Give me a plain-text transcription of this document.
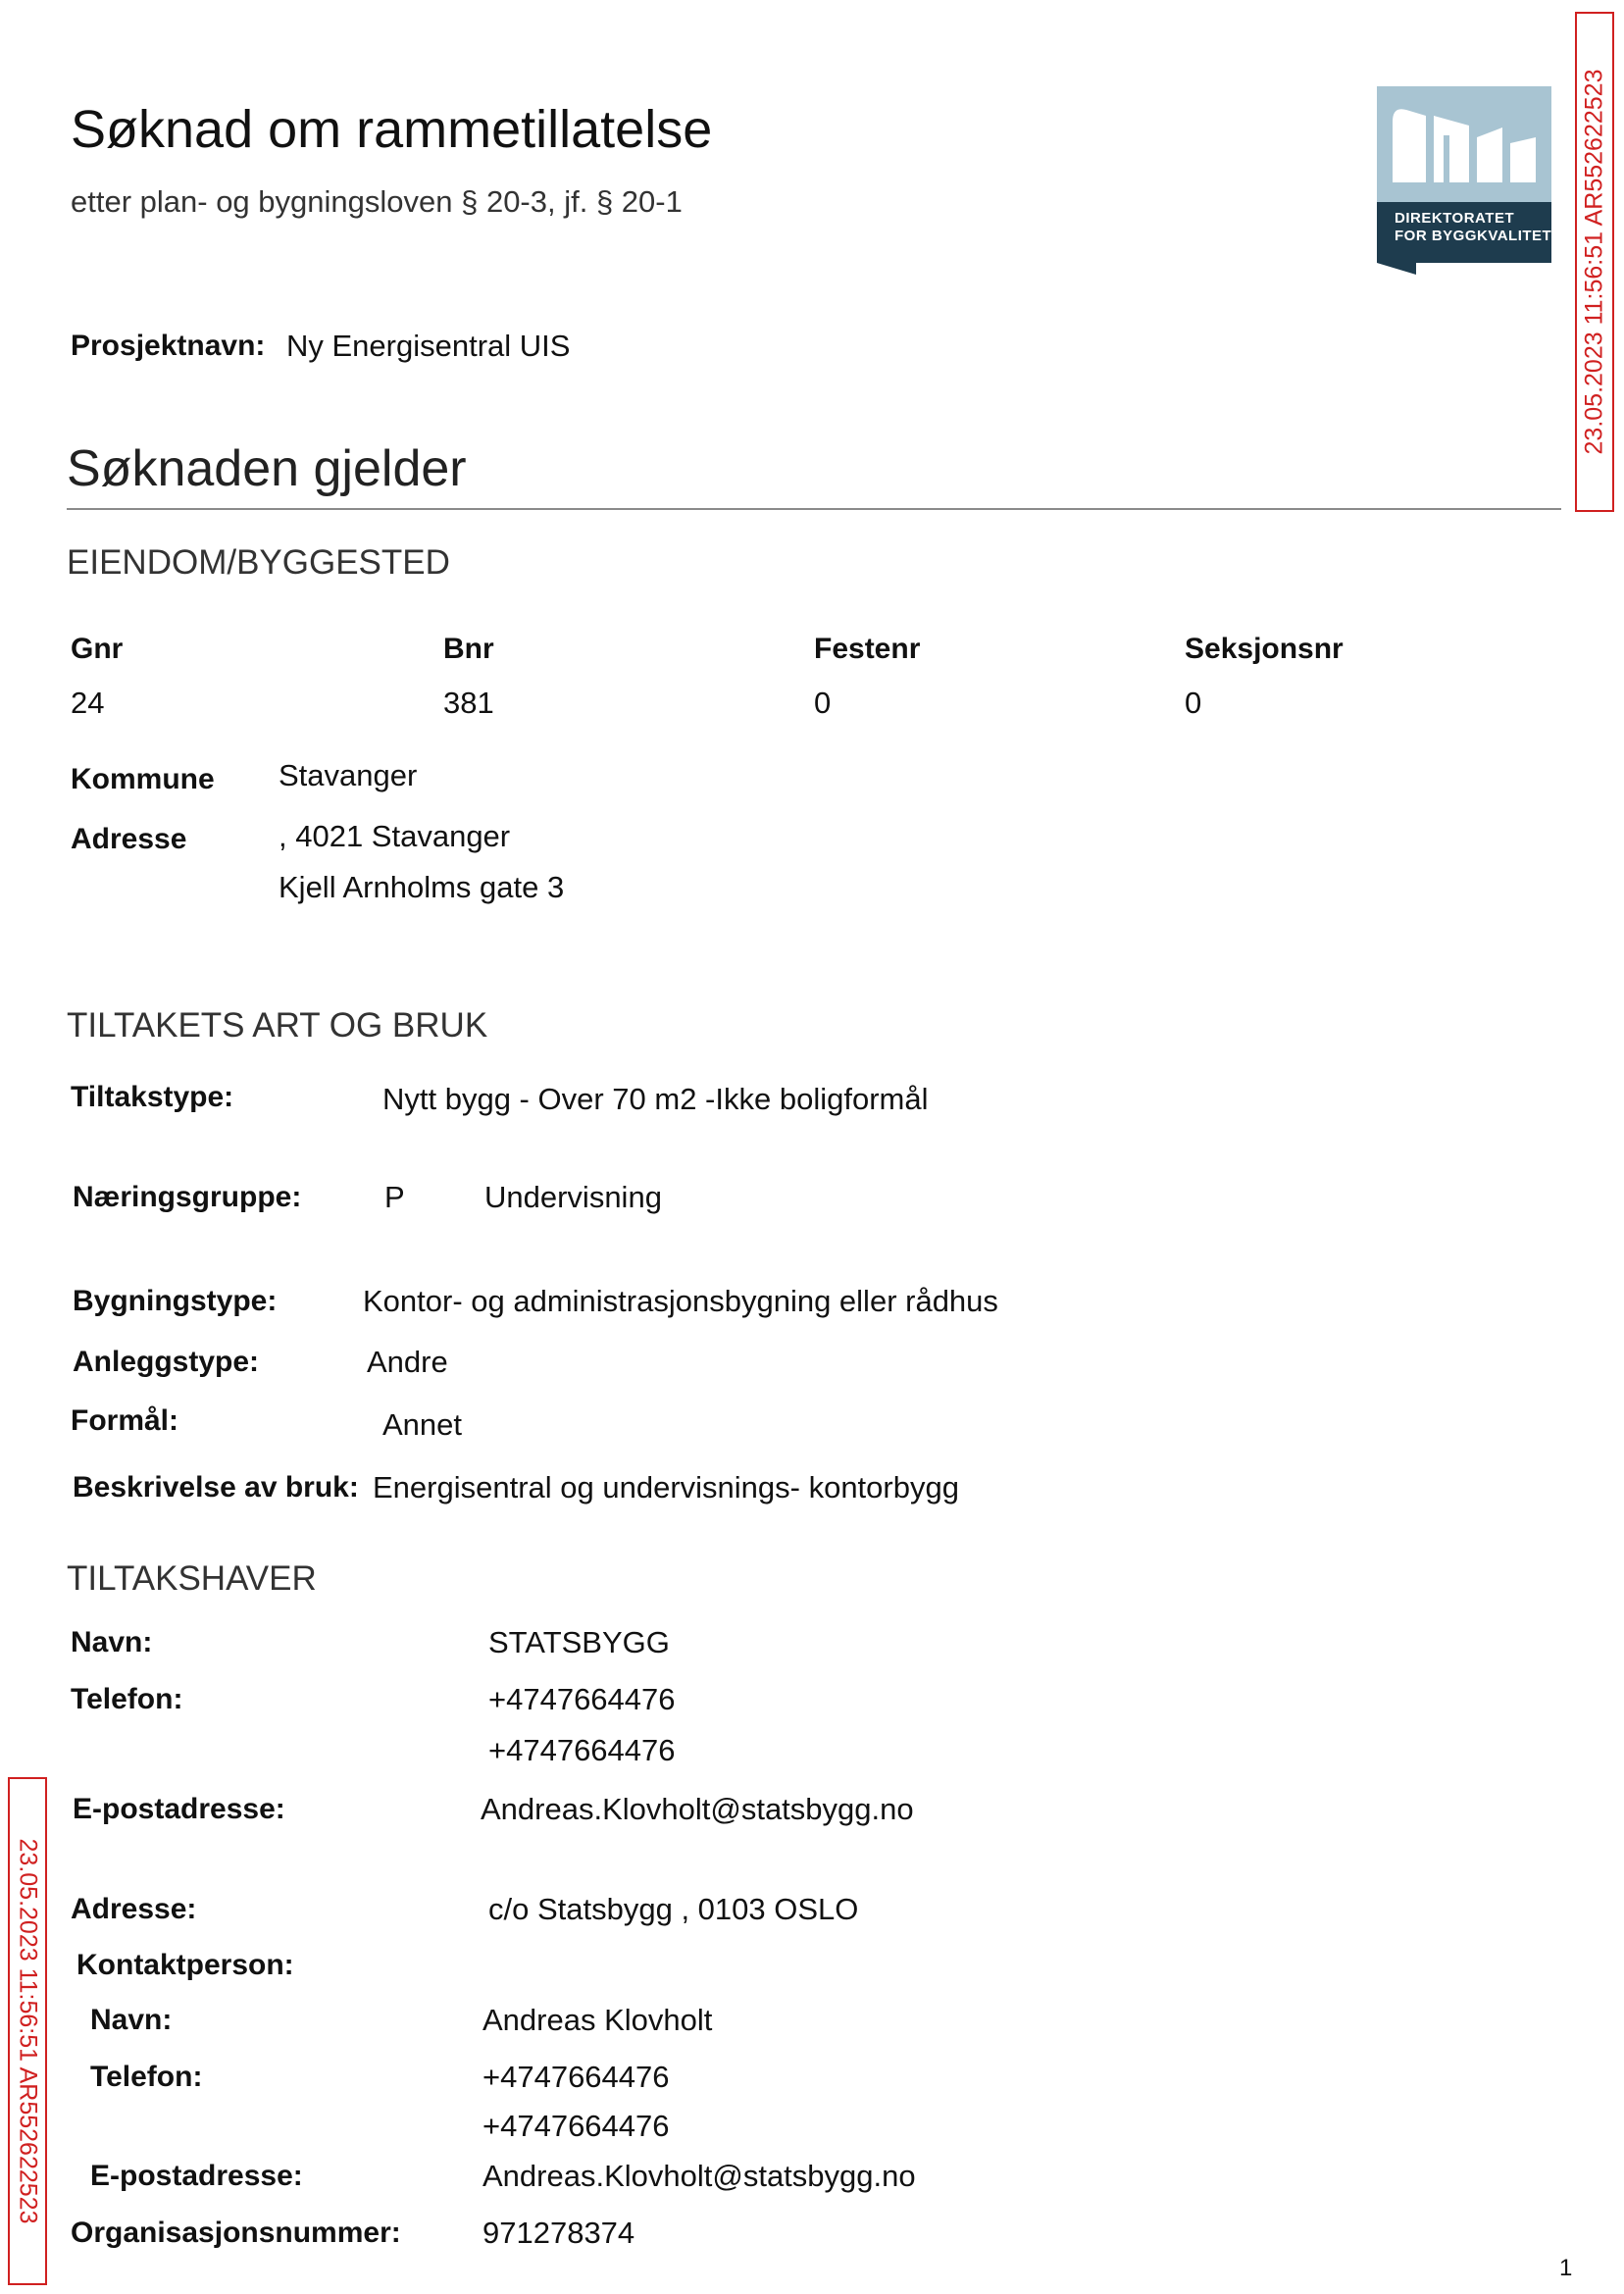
Søknad om rammetillatelse
etter plan- og bygningsloven § 20-3, jf. § 20-1	DIREKTORATET
FOR BYGGKVALITET 23.05.2023 11:56:51 AR552622523
Prosjektnavn: Ny Energisentral UIS
Søknaden gjelder
EIENDOM/BYGGESTED
Gnr	Bnr	Festenr	Seksjonsnr
24	381	0	0
Kommune Stavanger
Adresse	, 4021 Stavanger
Kjell Arnholms gate 3
TILTAKETS ART OG BRUK
Tiltakstype:	Nytt bygg - Over 70 m2 -Ikke boligformål
Næringsgruppe:	P	Undervisning
Bygningstype:	Kontor- og administrasjonsbygning eller rådhus
Anleggstype:	Andre
Formål:	Annet
Beskrivelse av bruk: Energisentral og undervisnings- kontorbygg
TILTAKSHAVER
Navn:	STATSBYGG
Telefon:	+4747664476
+4747664476
E-postadresse:	Andreas.Klovholt@statsbygg.no
Adresse:	c/o Statsbygg , 0103 OSLO
Kontaktperson:
Navn:	Andreas Klovholt
Telefon:	+4747664476
+4747664476
E-postadresse:	Andreas.Klovholt@statsbygg.no
Organisasjonsnummer:	971278374
23.05.2023 11:56:51 AR552622523
1
